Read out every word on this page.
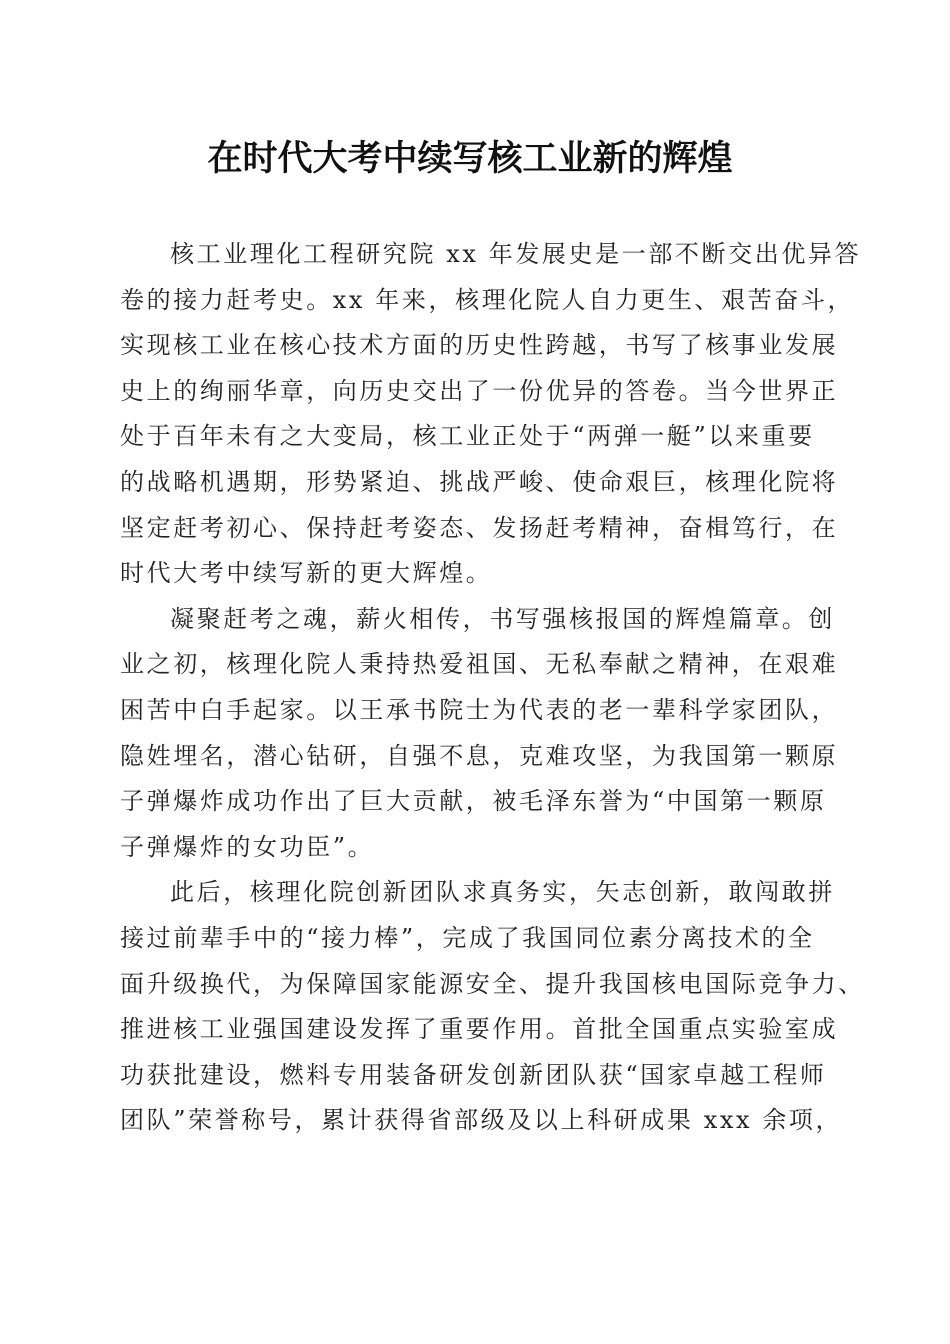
在时代大考中续写核工业新的辉煌
核工业理化工程研究院 xx 年发展史是一部不断交出优异答
卷的接力赶考史。xx 年来，核理化院人自力更生、艰苦奋斗，
实现核工业在核心技术方面的历史性跨越，书写了核事业发展
史上的绚丽华章，向历史交出了一份优异的答卷。当今世界正
处于百年未有之大变局，核工业正处于“两弹一艇”以来重要
的战略机遇期，形势紧迫、挑战严峻、使命艰巨，核理化院将
坚定赶考初心、保持赶考姿态、发扬赶考精神，奋楫笃行，在
时代大考中续写新的更大辉煌。
凝聚赶考之魂，薪火相传，书写强核报国的辉煌篇章。创
业之初，核理化院人秉持热爱祖国、无私奉献之精神，在艰难
困苦中白手起家。以王承书院士为代表的老一辈科学家团队，
隐姓埋名，潜心钻研，自强不息，克难攻坚，为我国第一颗原
子弹爆炸成功作出了巨大贡献，被毛泽东誉为“中国第一颗原
子弹爆炸的女功臣”。
此后，核理化院创新团队求真务实，矢志创新，敢闯敢拼
接过前辈手中的“接力棒”，完成了我国同位素分离技术的全
面升级换代，为保障国家能源安全、提升我国核电国际竞争力、
推进核工业强国建设发挥了重要作用。首批全国重点实验室成
功获批建设，燃料专用装备研发创新团队获“国家卓越工程师
团队”荣誉称号，累计获得省部级及以上科研成果 xxx 余项，
